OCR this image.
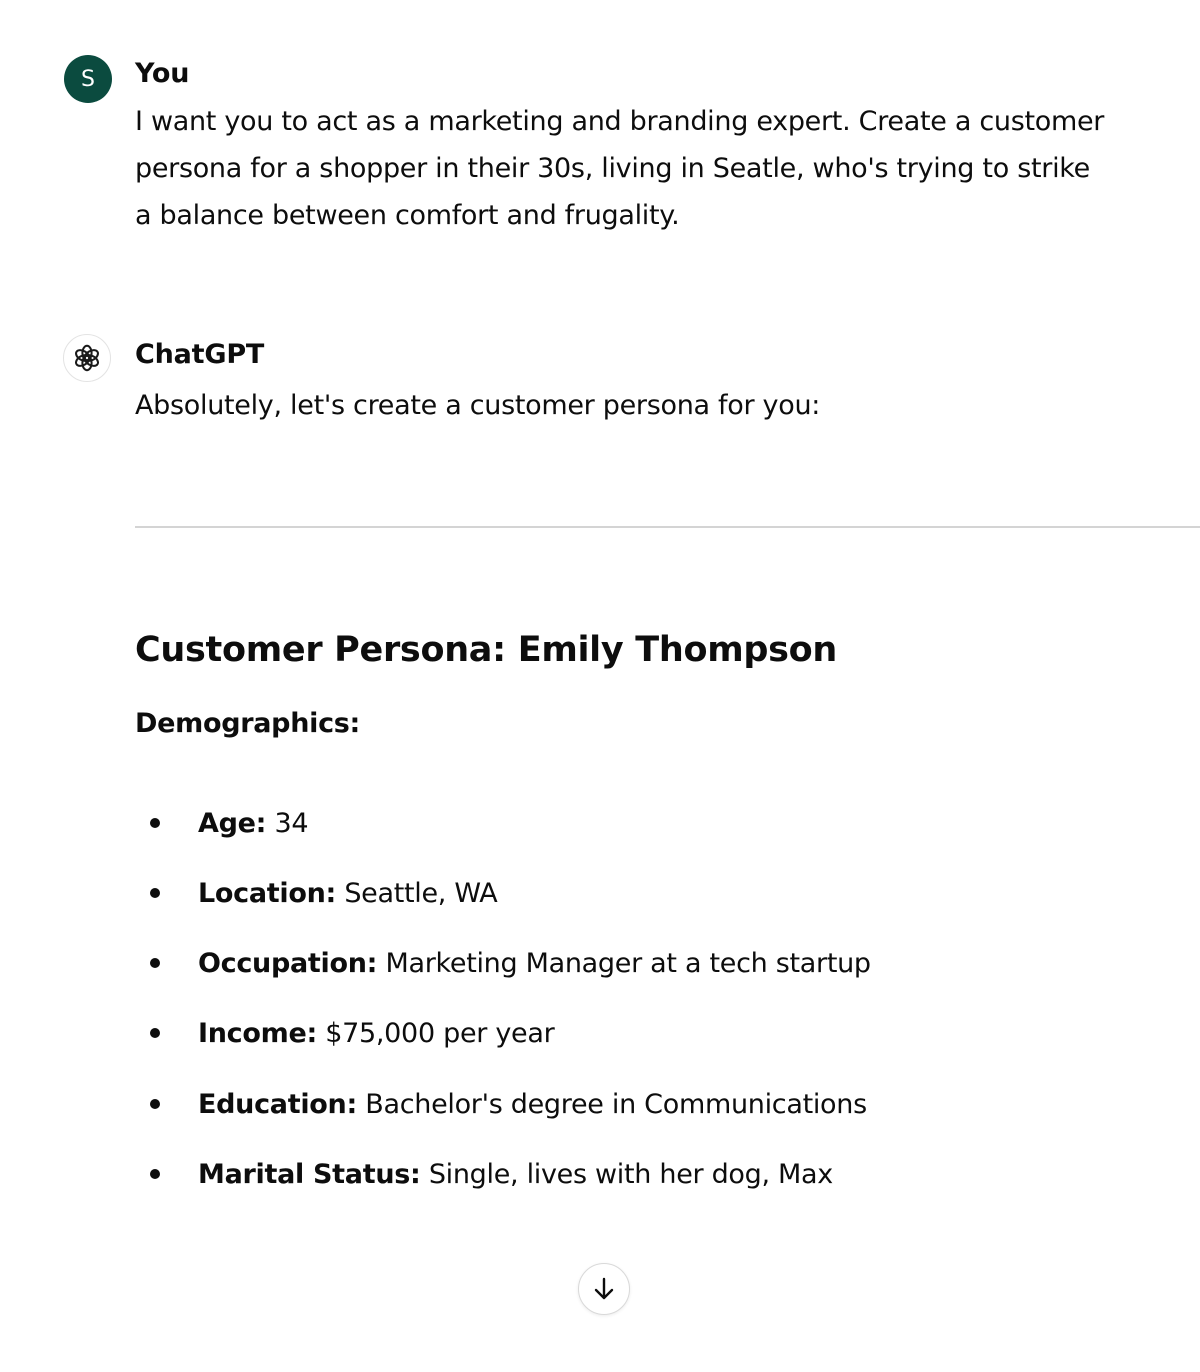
S You
I want you to act as a marketing and branding expert. Create a customer
persona for a shopper in their 30s, living in Seatle, who's trying to strike
a balance between comfort and frugality.
ChatGPT
Absolutely, let's create a customer persona for you:
Customer Persona: Emily Thompson
Demographics:
Age:
34
Location:
Seattle, WA
Occupation:
Marketing Manager at a tech startup
Income:
$75,000 per year
Education:
Bachelor's degree in Communications
Marital Status:
Single, lives with her dog, Max
